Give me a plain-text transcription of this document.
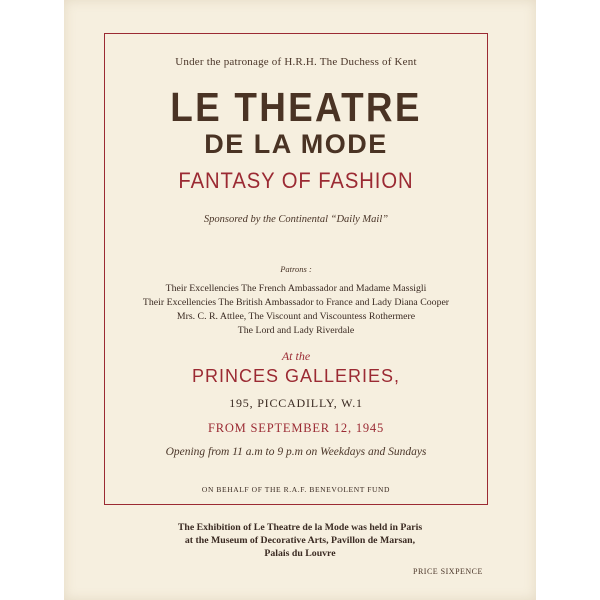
Under the patronage of H.R.H. The Duchess of Kent
LE THEATRE
DE LA MODE
FANTASY OF FASHION
Sponsored by the Continental “Daily Mail”
Patrons :
Their Excellencies The French Ambassador and Madame Massigli
Their Excellencies The British Ambassador to France and Lady Diana Cooper
Mrs. C. R. Attlee, The Viscount and Viscountess Rothermere
The Lord and Lady Riverdale
At the
PRINCES GALLERIES,
195, PICCADILLY, W.1
FROM SEPTEMBER 12, 1945
Opening from 11 a.m to 9 p.m on Weekdays and Sundays
ON BEHALF OF THE R.A.F. BENEVOLENT FUND
The Exhibition of Le Theatre de la Mode was held in Paris
at the Museum of Decorative Arts, Pavillon de Marsan,
Palais du Louvre
PRICE SIXPENCE
